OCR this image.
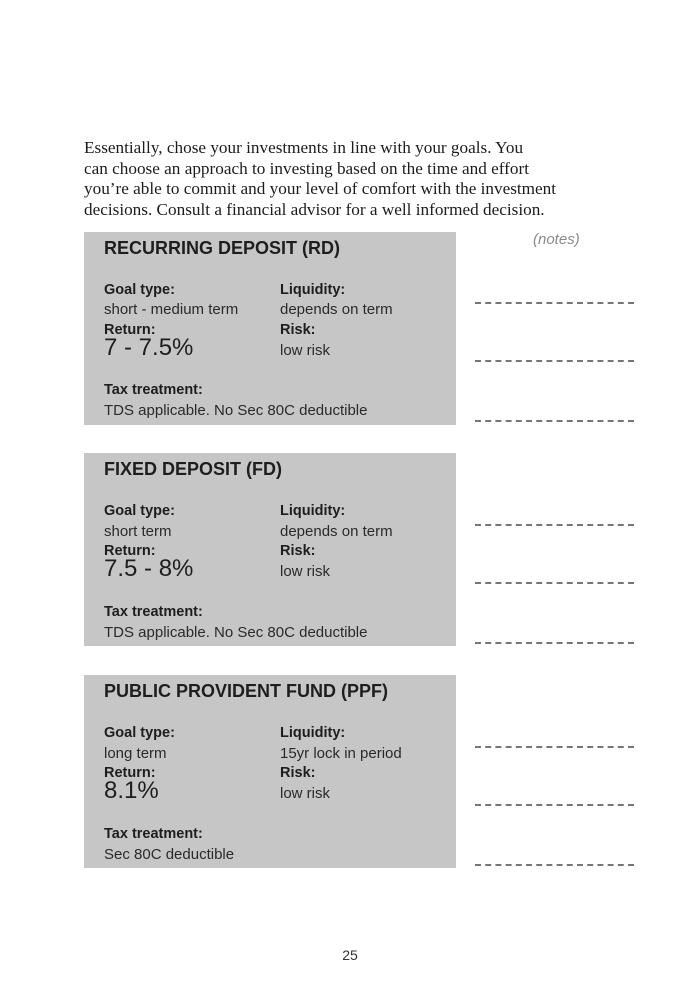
Essentially, chose your investments in line with your goals. You
can choose an approach to investing based on the time and effort
you’re able to commit and your level of comfort with the investment
decisions. Consult a financial advisor for a well informed decision.
RECURRING DEPOSIT (RD)
Goal type:	Liquidity:
short - medium term	depends on term
Return:	Risk:
7 - 7.5%	low risk
Tax treatment:
TDS applicable. No Sec 80C deductible
FIXED DEPOSIT (FD)
Goal type:	Liquidity:
short term	depends on term
Return:	Risk:
7.5 - 8%	low risk
Tax treatment:
TDS applicable. No Sec 80C deductible
PUBLIC PROVIDENT FUND (PPF)
Goal type:	Liquidity:
long term	15yr lock in period
Return:	Risk:
8.1%	low risk
Tax treatment:
Sec 80C deductible
(notes)
25
